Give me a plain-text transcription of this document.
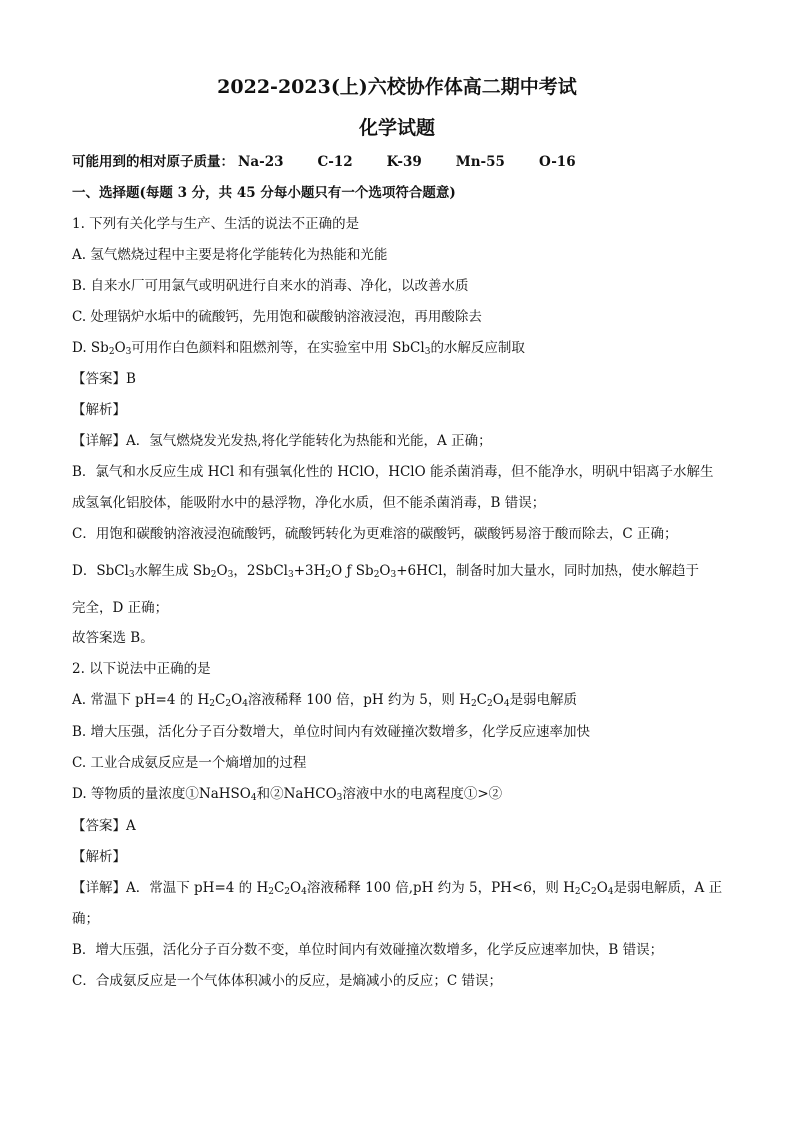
2022-2023(上)六校协作体高二期中考试
化学试题
可能用到的相对原子质量： Na-23	C-12	K-39	Mn-55	O-16
一、选择题(每题 3 分，共 45 分每小题只有一个选项符合题意)
1. 下列有关化学与生产、生活的说法不正确的是
A. 氢气燃烧过程中主要是将化学能转化为热能和光能
B. 自来水厂可用氯气或明矾进行自来水的消毒、净化，以改善水质
C. 处理锅炉水垢中的硫酸钙，先用饱和碳酸钠溶液浸泡，再用酸除去
D. $Sb_2O_3$可用作白色颜料和阻燃剂等，在实验室中用 SbCl$_3$的水解反应制取
【答案】B
【解析】
【详解】A．氢气燃烧发光发热,将化学能转化为热能和光能，A 正确；
B．氯气和水反应生成 HCl 和有强氧化性的 HClO，HClO 能杀菌消毒，但不能净水，明矾中铝离子水解生
成氢氧化铝胶体，能吸附水中的悬浮物，净化水质，但不能杀菌消毒，B 错误；
C．用饱和碳酸钠溶液浸泡硫酸钙，硫酸钙转化为更难溶的碳酸钙，碳酸钙易溶于酸而除去，C 正确；
D．SbCl$_3$水解生成 $Sb_2O_3$，$2SbCl_3+3H_2O$ ƒ $Sb_2O_3+6HCl$，制备时加大量水，同时加热，使水解趋于
完全，D 正确；
故答案选 B。
2. 以下说法中正确的是
A. 常温下 pH=4 的 $H_2C_2O_4$溶液稀释 100 倍，pH 约为 5，则 $H_2C_2O_4$是弱电解质
B. 增大压强，活化分子百分数增大，单位时间内有效碰撞次数增多，化学反应速率加快
C. 工业合成氨反应是一个熵增加的过程
D. 等物质的量浓度①NaHSO$_4$和②NaHCO$_3$溶液中水的电离程度①>②
【答案】A
【解析】
【详解】A．常温下 pH=4 的 $H_2C_2O_4$溶液稀释 100 倍,pH 约为 5，PH<6，则 $H_2C_2O_4$是弱电解质，A 正
确；
B．增大压强，活化分子百分数不变，单位时间内有效碰撞次数增多，化学反应速率加快，B 错误；
C．合成氨反应是一个气体体积减小的反应，是熵减小的反应；C 错误；
